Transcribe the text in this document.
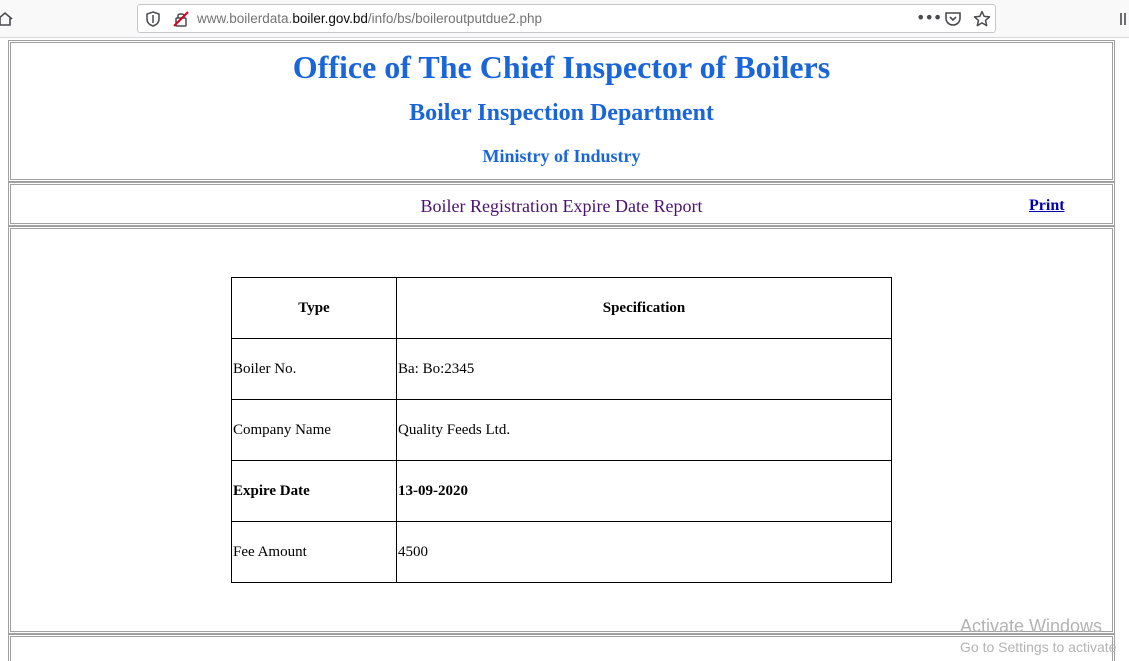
www.boilerdata.boiler.gov.bd/info/bs/boileroutputdue2.php	•••
Office of The Chief Inspector of Boilers
Boiler Inspection Department
Ministry of Industry
Boiler Registration Expire Date Report	Print
Type	Specification
Boiler No.	Ba: Bo:2345
Company Name	Quality Feeds Ltd.
Expire Date	13-09-2020
Fee Amount	4500
Activate Windows
Go to Settings to activate
